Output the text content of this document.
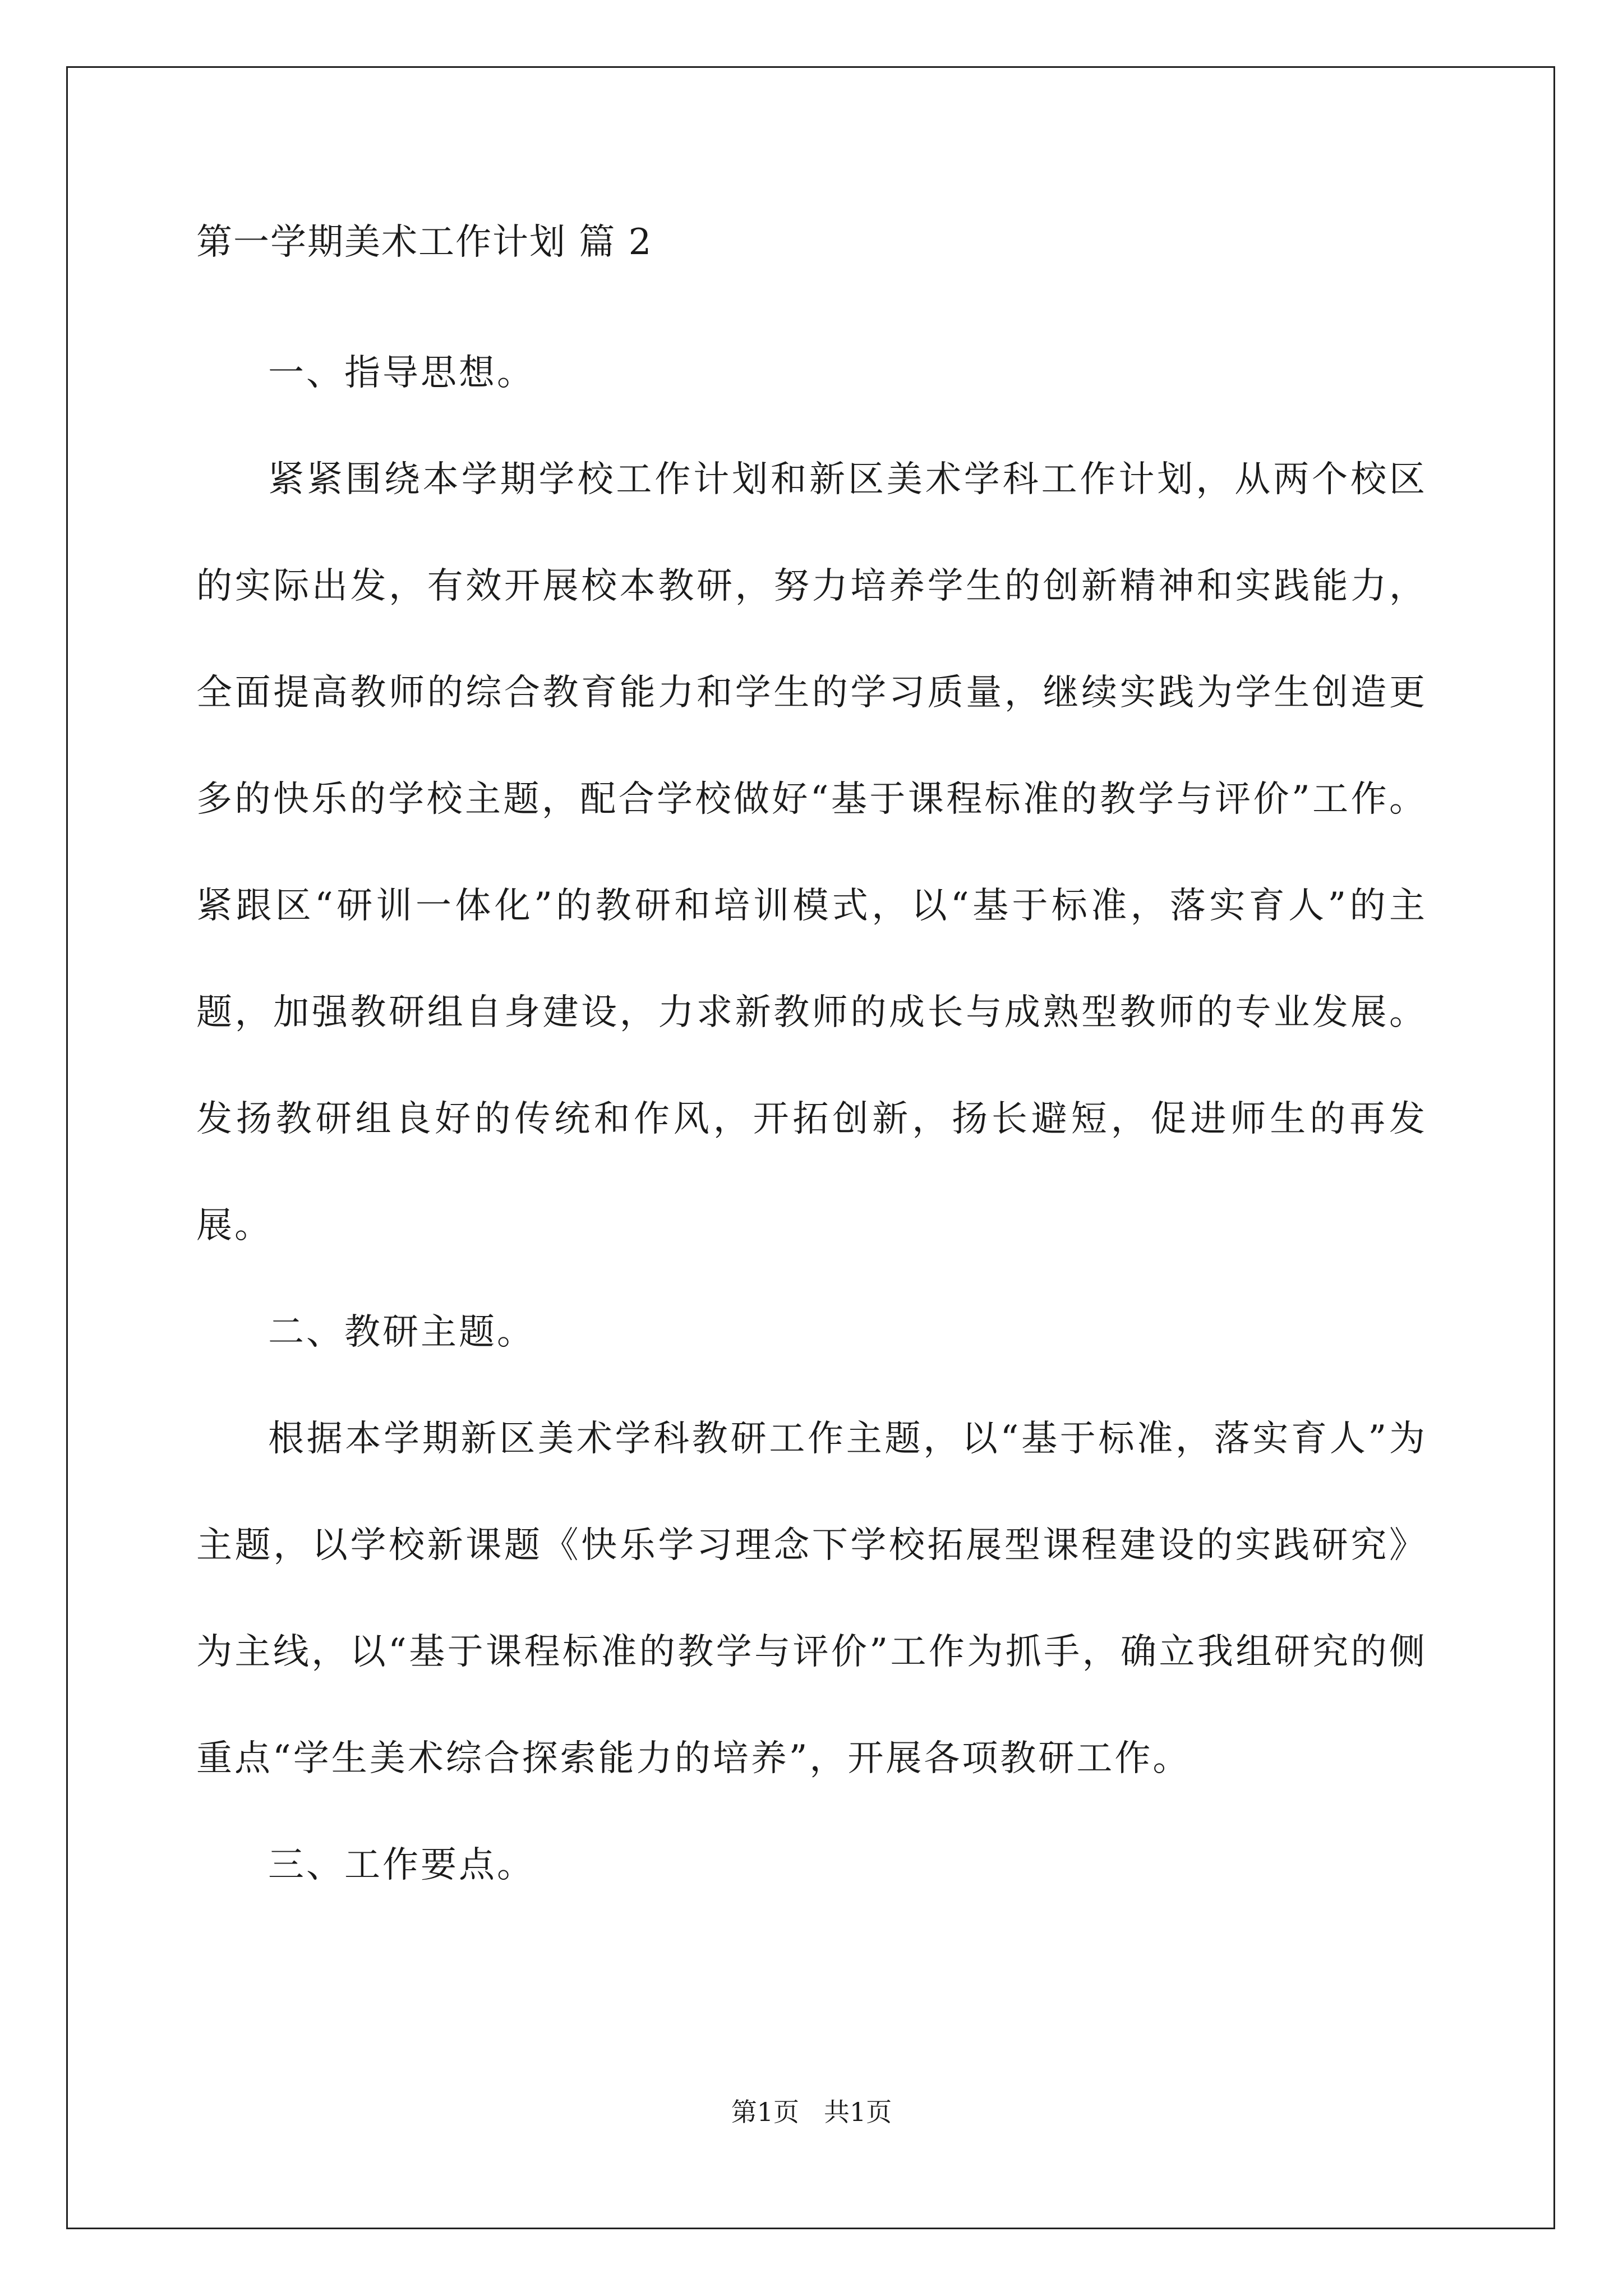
第一学期美术工作计划 篇 2

一、指导思想。

紧紧围绕本学期学校工作计划和新区美术学科工作计划，从两个校区的实际出发，有效开展校本教研，努力培养学生的创新精神和实践能力，全面提高教师的综合教育能力和学生的学习质量，继续实践为学生创造更多的快乐的学校主题，配合学校做好“基于课程标准的教学与评价”工作。紧跟区“研训一体化”的教研和培训模式，以“基于标准，落实育人”的主题，加强教研组自身建设，力求新教师的成长与成熟型教师的专业发展。发扬教研组良好的传统和作风，开拓创新，扬长避短，促进师生的再发展。

二、教研主题。

根据本学期新区美术学科教研工作主题，以“基于标准，落实育人”为主题，以学校新课题《快乐学习理念下学校拓展型课程建设的实践研究》为主线，以“基于课程标准的教学与评价”工作为抓手，确立我组研究的侧重点“学生美术综合探索能力的培养”，开展各项教研工作。

三、工作要点。

第1页 共1页
